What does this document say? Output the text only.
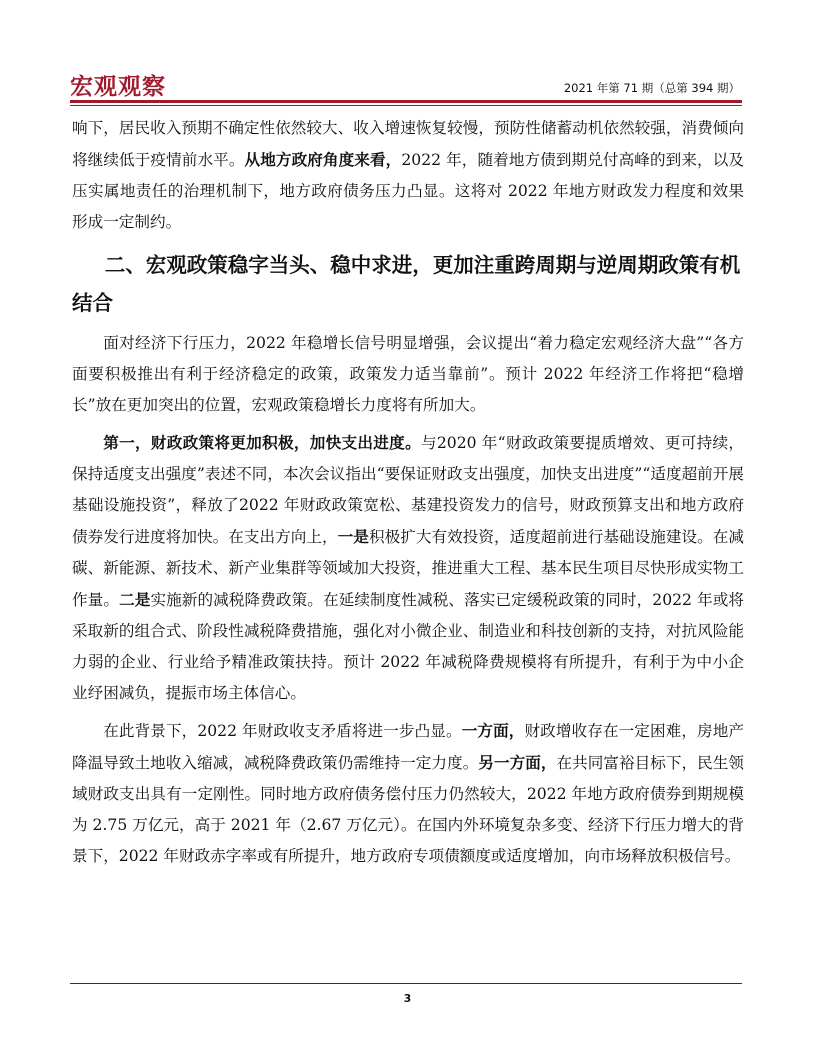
宏观观察	2021 年第 71 期（总第 394 期）

响下，居民收入预期不确定性依然较大、收入增速恢复较慢，预防性储蓄动机依然较强，消费倾向将继续低于疫情前水平。从地方政府角度来看，2022 年，随着地方债到期兑付高峰的到来，以及压实属地责任的治理机制下，地方政府债务压力凸显。这将对 2022 年地方财政发力程度和效果形成一定制约。

二、宏观政策稳字当头、稳中求进，更加注重跨周期与逆周期政策有机结合

面对经济下行压力，2022 年稳增长信号明显增强，会议提出“着力稳定宏观经济大盘”“各方面要积极推出有利于经济稳定的政策，政策发力适当靠前”。预计 2022 年经济工作将把“稳增长”放在更加突出的位置，宏观政策稳增长力度将有所加大。

第一，财政政策将更加积极，加快支出进度。与2020 年“财政政策要提质增效、更可持续，保持适度支出强度”表述不同，本次会议指出“要保证财政支出强度，加快支出进度”“适度超前开展基础设施投资”，释放了2022 年财政政策宽松、基建投资发力的信号，财政预算支出和地方政府债券发行进度将加快。在支出方向上，一是积极扩大有效投资，适度超前进行基础设施建设。在减碳、新能源、新技术、新产业集群等领域加大投资，推进重大工程、基本民生项目尽快形成实物工作量。二是实施新的减税降费政策。在延续制度性减税、落实已定缓税政策的同时，2022 年或将采取新的组合式、阶段性减税降费措施，强化对小微企业、制造业和科技创新的支持，对抗风险能力弱的企业、行业给予精准政策扶持。预计 2022 年减税降费规模将有所提升，有利于为中小企业纾困减负，提振市场主体信心。

在此背景下，2022 年财政收支矛盾将进一步凸显。一方面，财政增收存在一定困难，房地产降温导致土地收入缩减，减税降费政策仍需维持一定力度。另一方面，在共同富裕目标下，民生领域财政支出具有一定刚性。同时地方政府债务偿付压力仍然较大，2022 年地方政府债券到期规模为 2.75 万亿元，高于 2021 年（2.67 万亿元）。在国内外环境复杂多变、经济下行压力增大的背景下，2022 年财政赤字率或有所提升，地方政府专项债额度或适度增加，向市场释放积极信号。

3
